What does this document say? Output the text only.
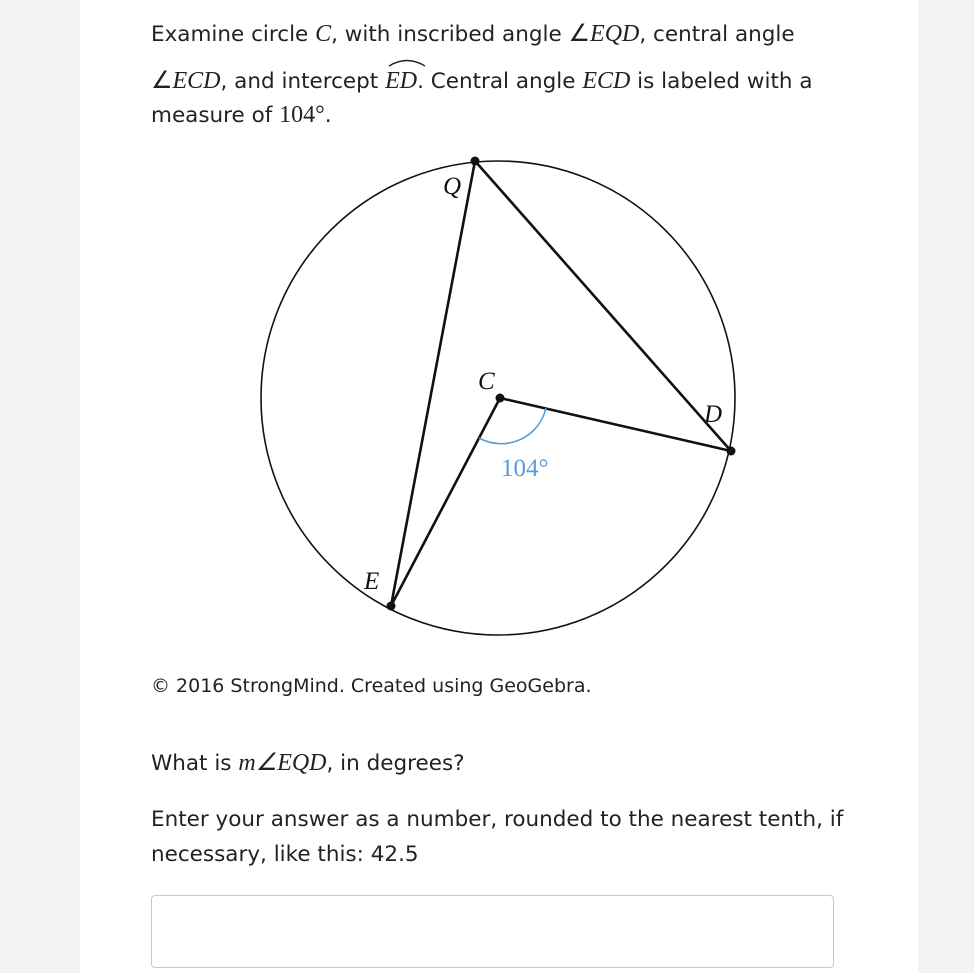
Examine circle C, with inscribed angle ∠EQD, central angle
∠ECD, and intercept
ED. Central angle ECD is labeled with a
measure of 104°.
Q
C
D
E
104°
© 2016 StrongMind. Created using GeoGebra.
What is m∠EQD, in degrees?
Enter your answer as a number, rounded to the nearest tenth, if
necessary, like this: 42.5
